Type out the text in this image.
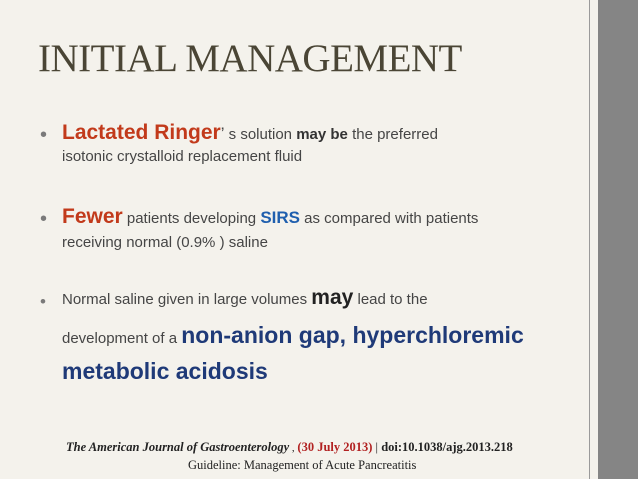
INITIAL MANAGEMENT
• Lactated Ringer’ s solution may be the preferred
isotonic crystalloid replacement fluid
• Fewer patients developing SIRS as compared with patients
receiving normal (0.9% ) saline
• Normal saline given in large volumes may lead to the
development of a non-anion gap, hyperchloremic
metabolic acidosis
The American Journal of Gastroenterology , (30 July 2013) | doi:10.1038/ajg.2013.218
Guideline: Management of Acute Pancreatitis
